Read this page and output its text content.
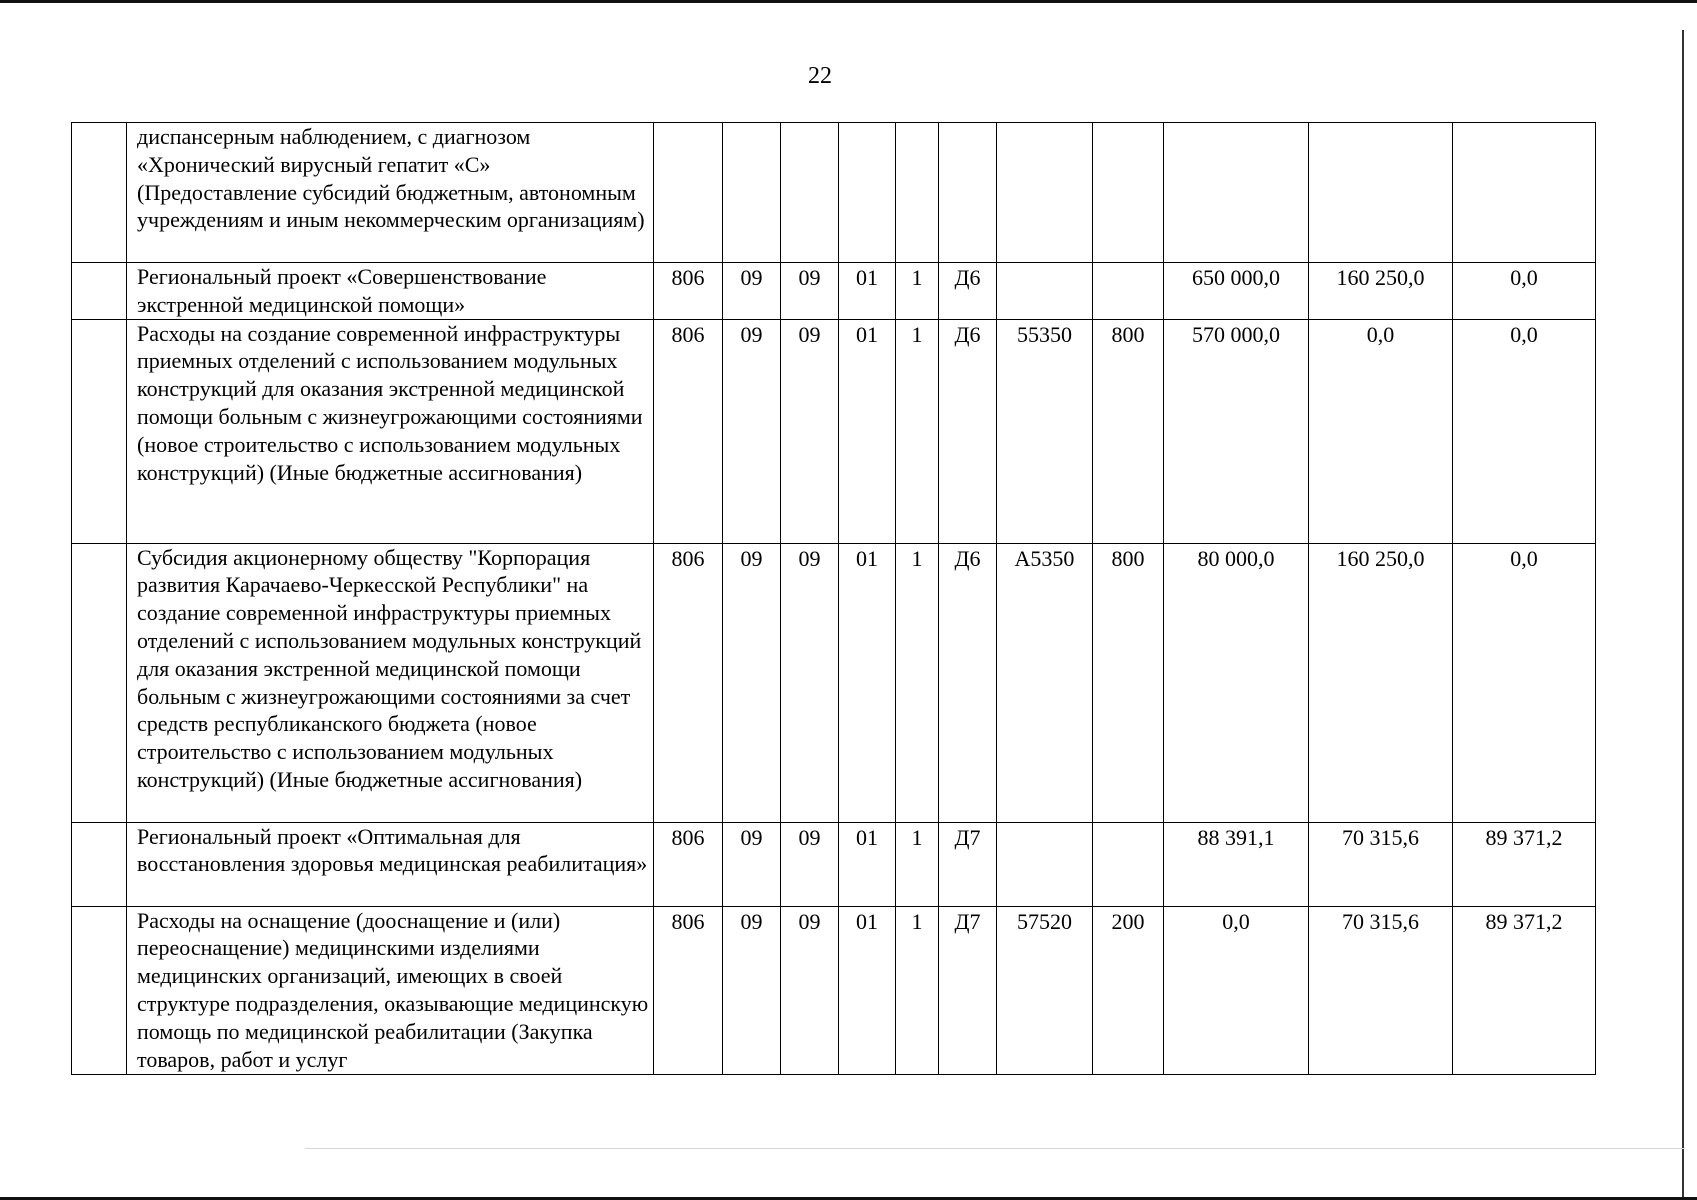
22
	диспансерным наблюдением, с диагнозом «Хронический вирусный гепатит «С» (Предоставление субсидий бюджетным, автономным учреждениям и иным некоммерческим организациям)											
	Региональный проект «Совершенствование экстренной медицинской помощи»	806	09	09	01	1	Д6			650 000,0	160 250,0	0,0
	Расходы на создание современной инфраструктуры приемных отделений с использованием модульных конструкций для оказания экстренной медицинской помощи больным с жизнеугрожающими состояниями (новое строительство с использованием модульных конструкций) (Иные бюджетные ассигнования)	806	09	09	01	1	Д6	55350	800	570 000,0	0,0	0,0
	Субсидия акционерному обществу "Корпорация развития Карачаево-Черкесской Республики" на создание современной инфраструктуры приемных отделений с использованием модульных конструкций для оказания экстренной медицинской помощи больным с жизнеугрожающими состояниями за счет средств республиканского бюджета (новое строительство с использованием модульных конструкций) (Иные бюджетные ассигнования)	806	09	09	01	1	Д6	А5350	800	80 000,0	160 250,0	0,0
	Региональный проект «Оптимальная для восстановления здоровья медицинская реабилитация»	806	09	09	01	1	Д7			88 391,1	70 315,6	89 371,2
	Расходы на оснащение (дооснащение и (или) переоснащение) медицинскими изделиями медицинских организаций, имеющих в своей структуре подразделения, оказывающие медицинскую помощь по медицинской реабилитации (Закупка товаров, работ и услуг	806	09	09	01	1	Д7	57520	200	0,0	70 315,6	89 371,2
